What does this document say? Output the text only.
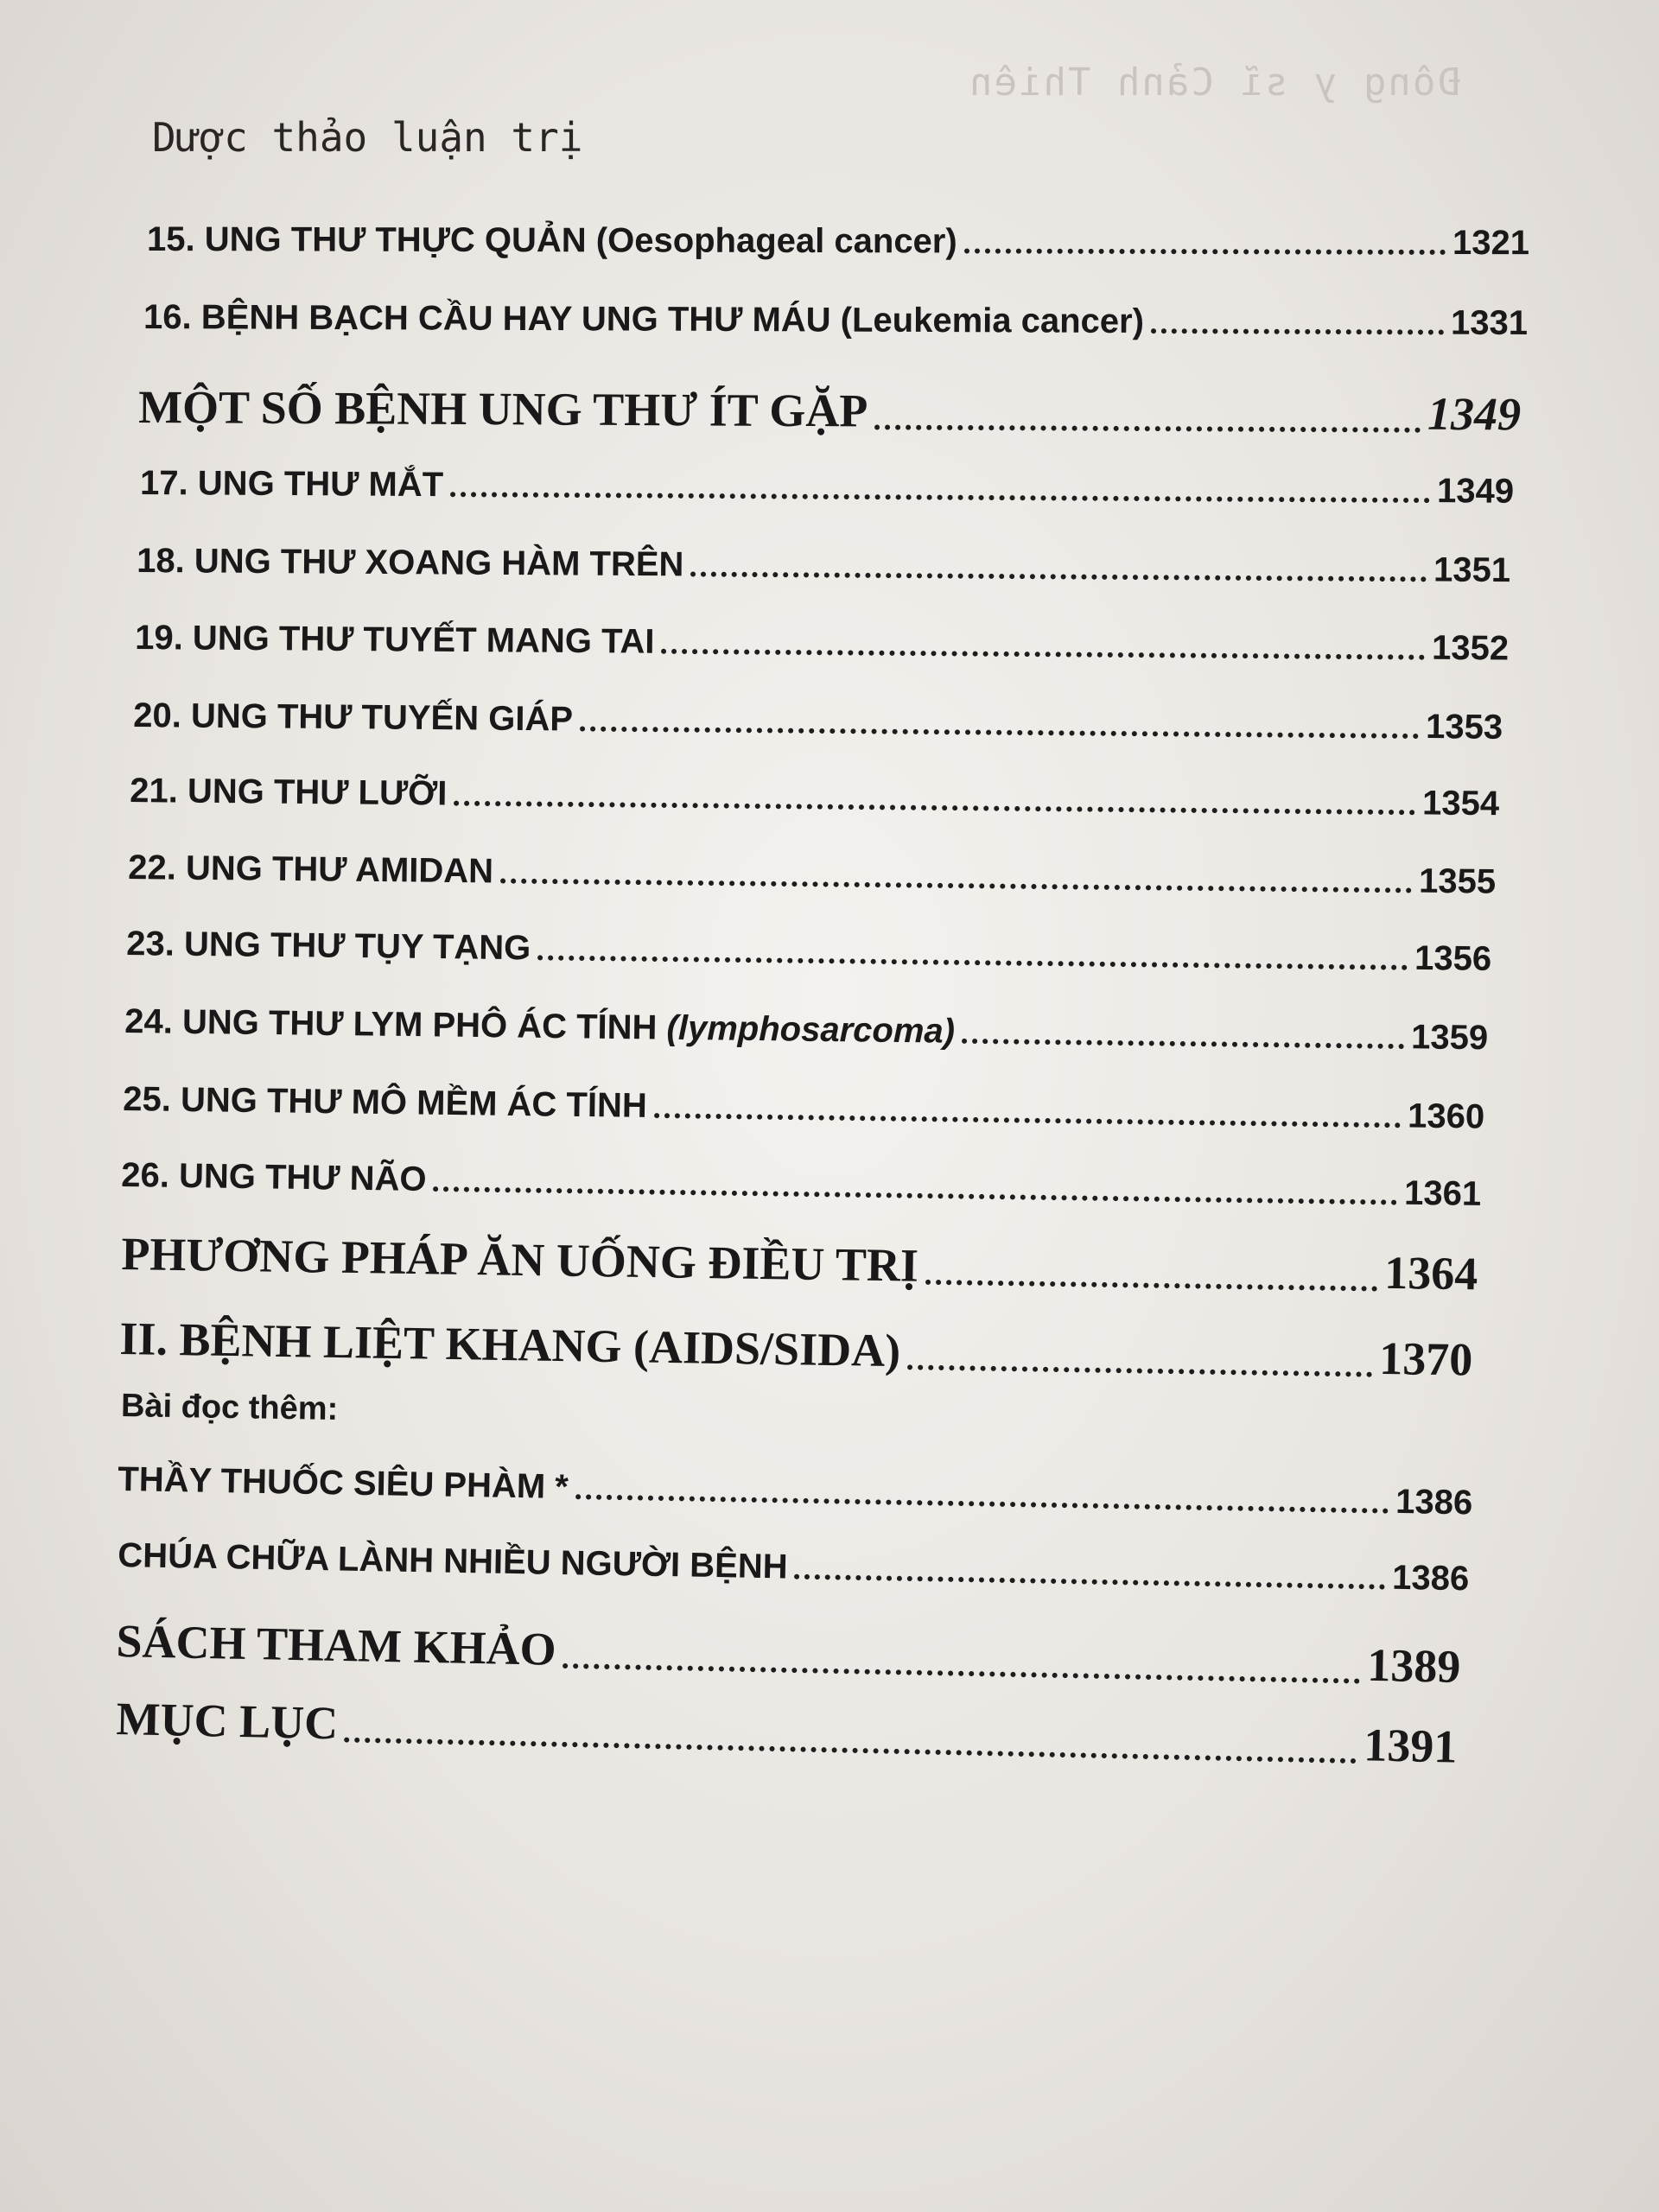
Đông y sĩ Cảnh Thiên
Dược thảo luận trị
15. UNG THƯ THỰC QUẢN (Oesophageal cancer)	1321
16. BỆNH BẠCH CẦU HAY UNG THƯ MÁU (Leukemia cancer)	1331
MỘT SỐ BỆNH UNG THƯ ÍT GẶP	1349
17. UNG THƯ MẮT	1349
18. UNG THƯ XOANG HÀM TRÊN	1351
19. UNG THƯ TUYẾT MANG TAI	1352
20. UNG THƯ TUYẾN GIÁP	1353
21. UNG THƯ LƯỠI	1354
22. UNG THƯ AMIDAN	1355
23. UNG THƯ TỤY TẠNG	1356
24. UNG THƯ LYM PHÔ ÁC TÍNH (lymphosarcoma)	1359
25. UNG THƯ MÔ MỀM ÁC TÍNH	1360
26. UNG THƯ NÃO	1361
PHƯƠNG PHÁP ĂN UỐNG ĐIỀU TRỊ	1364
II. BỆNH LIỆT KHANG (AIDS/SIDA)	1370
Bài đọc thêm:
THẦY THUỐC SIÊU PHÀM *	1386
CHÚA CHỮA LÀNH NHIỀU NGƯỜI BỆNH	1386
SÁCH THAM KHẢO	1389
MỤC LỤC	1391
